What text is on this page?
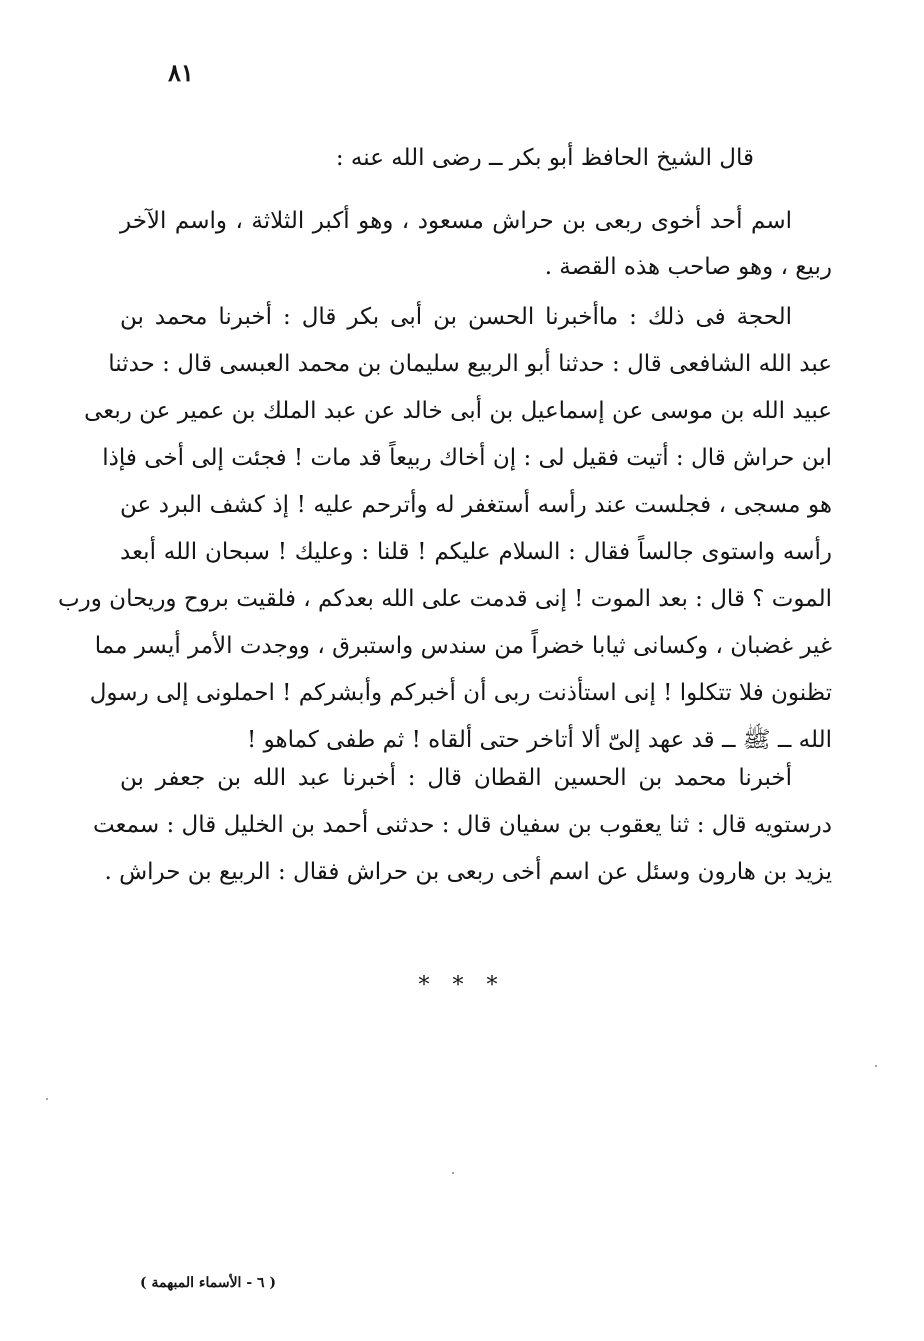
٨١
قال الشيخ الحافظ أبو بكر ــ رضى الله عنه :
اسم أحد أخوى ربعى بن حراش مسعود ، وهو أكبر الثلاثة ، واسم الآخر
ربيع ، وهو صاحب هذه القصة .
الحجة فى ذلك : ماأخبرنا الحسن بن أبى بكر قال : أخبرنا محمد بن
عبد الله الشافعى قال : حدثنا أبو الربيع سليمان بن محمد العبسى قال : حدثنا
عبيد الله بن موسى عن إسماعيل بن أبى خالد عن عبد الملك بن عمير عن ربعى
ابن حراش قال : أتيت فقيل لى : إن أخاك ربيعاً قد مات ! فجئت إلى أخى فإذا
هو مسجى ، فجلست عند رأسه أستغفر له وأترحم عليه ! إذ كشف البرد عن
رأسه واستوى جالساً فقال : السلام عليكم ! قلنا : وعليك ! سبحان الله أبعد
الموت ؟ قال : بعد الموت ! إنى قدمت على الله بعدكم ، فلقيت بروح وريحان ورب
غير غضبان ، وكسانى ثيابا خضراً من سندس واستبرق ، ووجدت الأمر أيسر مما
تظنون فلا تتكلوا ! إنى استأذنت ربى أن أخبركم وأبشركم ! احملونى إلى رسول
الله ــ ﷺ ــ قد عهد إلىّ ألا أتاخر حتى ألقاه ! ثم طفى كماهو !
أخبرنا محمد بن الحسين القطان قال : أخبرنا عبد الله بن جعفر بن
درستويه قال : ثنا يعقوب بن سفيان قال : حدثنى أحمد بن الخليل قال : سمعت
يزيد بن هارون وسئل عن اسم أخى ربعى بن حراش فقال : الربيع بن حراش .
* * *
( ٦ - الأسماء المبهمة )
